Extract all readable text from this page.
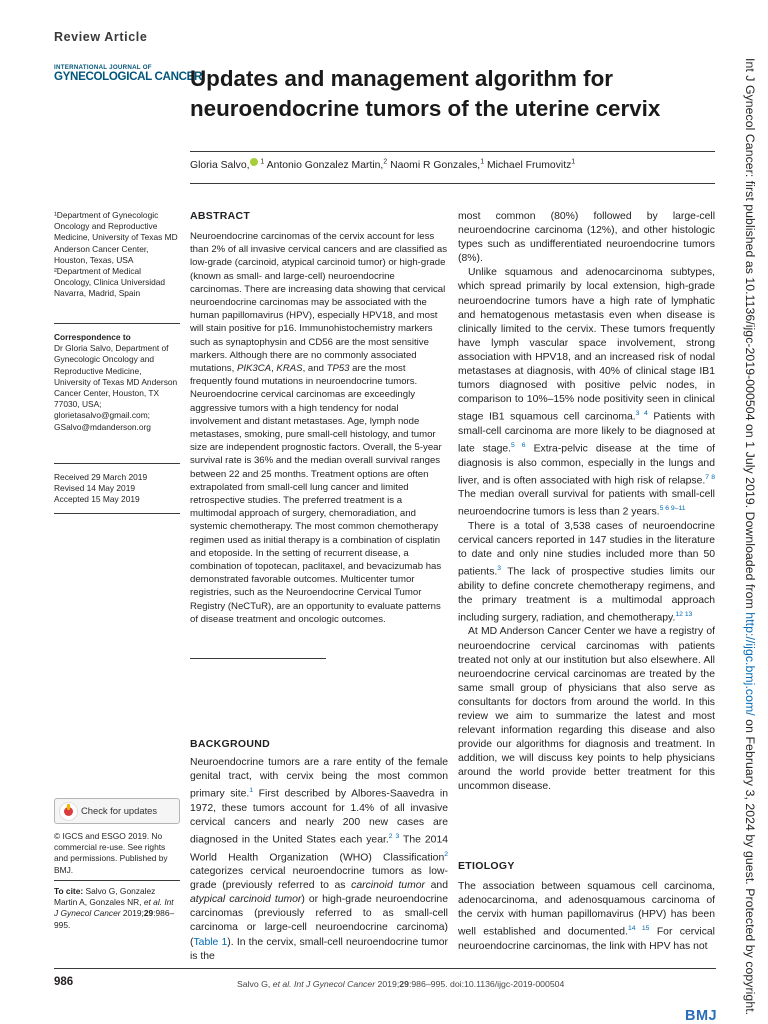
Review Article
INTERNATIONAL JOURNAL OF
GYNECOLOGICAL CANCER
Updates and management algorithm for neuroendocrine tumors of the uterine cervix
Gloria Salvo, $^1$ Antonio Gonzalez Martin,$^2$ Naomi R Gonzales,$^1$ Michael Frumovitz$^1$

¹Department of Gynecologic Oncology and Reproductive Medicine, University of Texas MD Anderson Cancer Center, Houston, Texas, USA

²Department of Medical Oncology, Clinica Universidad Navarra, Madrid, Spain

Correspondence to

Dr Gloria Salvo, Department of Gynecologic Oncology and Reproductive Medicine, University of Texas MD Anderson Cancer Center, Houston, TX 77030, USA; glorietasalvo@gmail.com; GSalvo@mdanderson.org

Received 29 March 2019

Revised 14 May 2019

Accepted 15 May 2019

Check for updates

© IGCS and ESGO 2019. No commercial re-use. See rights and permissions. Published by BMJ.

To cite: Salvo G, Gonzalez Martin A, Gonzales NR, et al. Int J Gynecol Cancer 2019;29:986–995.

ABSTRACT
Neuroendocrine carcinomas of the cervix account for less than 2% of all invasive cervical cancers and are classified as low-grade (carcinoid, atypical carcinoid tumor) or high-grade (known as small- and large-cell) neuroendocrine carcinomas. There are increasing data showing that cervical neuroendocrine carcinomas may be associated with the human papillomavirus (HPV), especially HPV18, and most will stain positive for p16. Immunohistochemistry markers such as synaptophysin and CD56 are the most sensitive markers. Although there are no commonly associated mutations, PIK3CA, KRAS, and TP53 are the most frequently found mutations in neuroendocrine tumors. Neuroendocrine cervical carcinomas are exceedingly aggressive tumors with a high tendency for nodal involvement and distant metastases. Age, lymph node metastases, smoking, pure small-cell histology, and tumor size are independent prognostic factors. Overall, the 5-year survival rate is 36% and the median overall survival ranges between 22 and 25 months. Treatment options are often extrapolated from small-cell lung cancer and limited retrospective studies. The preferred treatment is a multimodal approach of surgery, chemoradiation, and systemic chemotherapy. The most common chemotherapy regimen used as initial therapy is a combination of cisplatin and etoposide. In the setting of recurrent disease, a combination of topotecan, paclitaxel, and bevacizumab has demonstrated favorable outcomes. Multicenter tumor registries, such as the Neuroendocrine Cervical Tumor Registry (NeCTuR), are an opportunity to evaluate patterns of disease treatment and oncologic outcomes.
BACKGROUND

Neuroendocrine tumors are a rare entity of the female genital tract, with cervix being the most common primary site.$^1$ First described by Albores-Saavedra in 1972, these tumors account for 1.4% of all invasive cervical cancers and nearly 200 new cases are diagnosed in the United States each year.$^{2 3}$ The 2014 World Health Organization (WHO) Classification$^2$ categorizes cervical neuroendocrine tumors as low-grade (previously referred to as carcinoid tumor and atypical carcinoid tumor) or high-grade neuroendocrine carcinomas (previously referred to as small-cell carcinoma or large-cell neuroendocrine carcinoma) (Table 1). In the cervix, small-cell neuroendocrine tumor is the

most common (80%) followed by large-cell neuroendocrine carcinoma (12%), and other histologic types such as undifferentiated neuroendocrine tumors (8%).

Unlike squamous and adenocarcinoma subtypes, which spread primarily by local extension, high-grade neuroendocrine tumors have a high rate of lymphatic and hematogenous metastasis even when disease is clinically limited to the cervix. These tumors frequently have lymph vascular space involvement, strong association with HPV18, and an increased risk of nodal metastases at diagnosis, with 40% of clinical stage IB1 tumors diagnosed with positive pelvic nodes, in comparison to 10%–15% node positivity seen in clinical stage IB1 squamous cell carcinoma.$^{3 4}$ Patients with small-cell carcinoma are more likely to be diagnosed at late stage.$^{5 6}$ Extra-pelvic disease at the time of diagnosis is also common, especially in the lungs and liver, and is often associated with high risk of relapse.$^{7 8}$ The median overall survival for patients with small-cell neuroendocrine tumors is less than 2 years.$^{5 6 9-11}$

There is a total of 3,538 cases of neuroendocrine cervical cancers reported in 147 studies in the literature to date and only nine studies included more than 50 patients.$^3$ The lack of prospective studies limits our ability to define concrete chemotherapy regimens, and the primary treatment is a multimodal approach including surgery, radiation, and chemotherapy.$^{12 13}$

At MD Anderson Cancer Center we have a registry of neuroendocrine cervical carcinomas with patients treated not only at our institution but also elsewhere. All neuroendocrine cervical carcinomas are treated by the same small group of physicians that also serve as consultants for doctors from around the world. In this review we aim to summarize the latest and most relevant information regarding this disease and also provide our algorithms for diagnosis and treatment. In addition, we will discuss key points to help physicians around the world provide better treatment for this uncommon disease.

ETIOLOGY

The association between squamous cell carcinoma, adenocarcinoma, and adenosquamous carcinoma of the cervix with human papillomavirus (HPV) has been well established and documented.$^{14 15}$ For cervical neuroendocrine carcinomas, the link with HPV has not

986	Salvo G, et al. Int J Gynecol Cancer 2019;29:986–995. doi:10.1136/ijgc-2019-000504
BMJ
Int J Gynecol Cancer: first published as 10.1136/ijgc-2019-000504 on 1 July 2019. Downloaded from http://ijgc.bmj.com/ on February 3, 2024 by guest. Protected by copyright.
